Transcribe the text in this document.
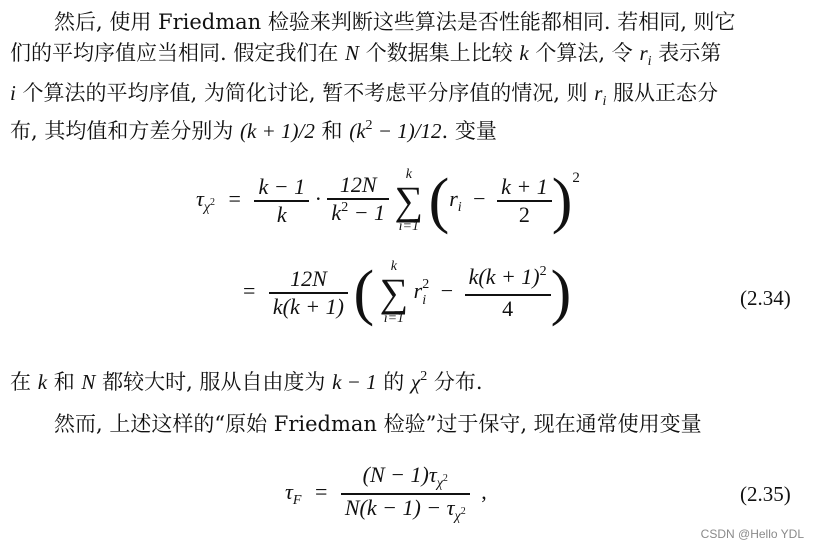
然后, 使用 Friedman 检验来判断这些算法是否性能都相同. 若相同, 则它
们的平均序值应当相同. 假定我们在 N 个数据集上比较 k 个算法, 令 $r_i$ 表示第
i 个算法的平均序值, 为简化讨论, 暂不考虑平分序值的情况, 则 $r_i$ 服从正态分
布, 其均值和方差分别为 (k + 1)/2 和 $(k^2 - 1)/12$. 变量
$\tau_\chi 2 = \frac{k - 1}{k} \cdot \frac{12N}{k^2 - 1}$
k
∑
i=1 $(r_i - \frac{k + 1}{2} )^2$
= $\frac{12N}{k(k + 1)}$ ( k
∑
i=1
r 2
$i - \frac{k(k + 1)^2}{4}$ )	(2.34)
在 k 和 N 都较大时, 服从自由度为 k − 1 的 $\chi^2$ 分布.
然而, 上述这样的“原始 Friedman 检验”过于保守, 现在通常使用变量
$\tau_F = \frac{(N - 1)\tau_\chi 2}{N(k - 1) - \tau_\chi 2}$ ,	(2.35)
CSDN @Hello YDL
